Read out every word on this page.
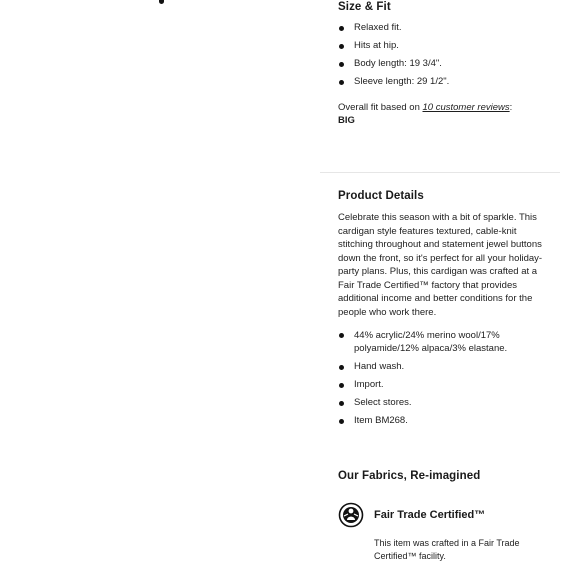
Size & Fit
Relaxed fit.
Hits at hip.
Body length: 19 3/4".
Sleeve length: 29 1/2".
Overall fit based on 10 customer reviews:
BIG
Product Details

Celebrate this season with a bit of sparkle. This cardigan style features textured, cable-knit stitching throughout and statement jewel buttons down the front, so it's perfect for all your holiday-party plans. Plus, this cardigan was crafted at a Fair Trade Certified™ factory that provides additional income and better conditions for the people who work there.

44% acrylic/24% merino wool/17% polyamide/12% alpaca/3% elastane.
Hand wash.
Import.
Select stores.
Item BM268.
Our Fabrics, Re-imagined
Fair Trade Certified™
This item was crafted in a Fair Trade Certified™ facility.
